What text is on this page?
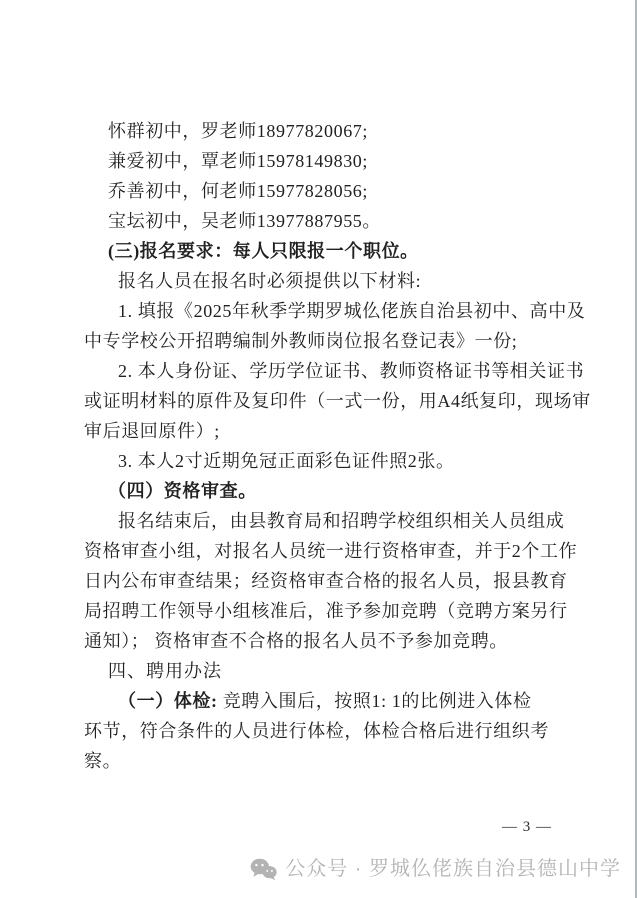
怀群初中，罗老师18977820067;
兼爱初中，覃老师15978149830;
乔善初中，何老师15977828056;
宝坛初中，吴老师13977887955。
(三)报名要求：每人只限报一个职位。
报名人员在报名时必须提供以下材料:
1. 填报《2025年秋季学期罗城仫佬族自治县初中、高中及
中专学校公开招聘编制外教师岗位报名登记表》一份;
2. 本人身份证、学历学位证书、教师资格证书等相关证书
或证明材料的原件及复印件（一式一份，用A4纸复印，现场审
审后退回原件）;
3. 本人2寸近期免冠正面彩色证件照2张。
（四）资格审查。
报名结束后，由县教育局和招聘学校组织相关人员组成
资格审查小组，对报名人员统一进行资格审查，并于2个工作
日内公布审查结果；经资格审查合格的报名人员，报县教育
局招聘工作领导小组核准后，准予参加竞聘（竞聘方案另行
通知）； 资格审查不合格的报名人员不予参加竞聘。
四、聘用办法
（一）体检: 竞聘入围后，按照1: 1的比例进入体检
环节，符合条件的人员进行体检，体检合格后进行组织考
察。
— 3 —
公众号 · 罗城仫佬族自治县德山中学
